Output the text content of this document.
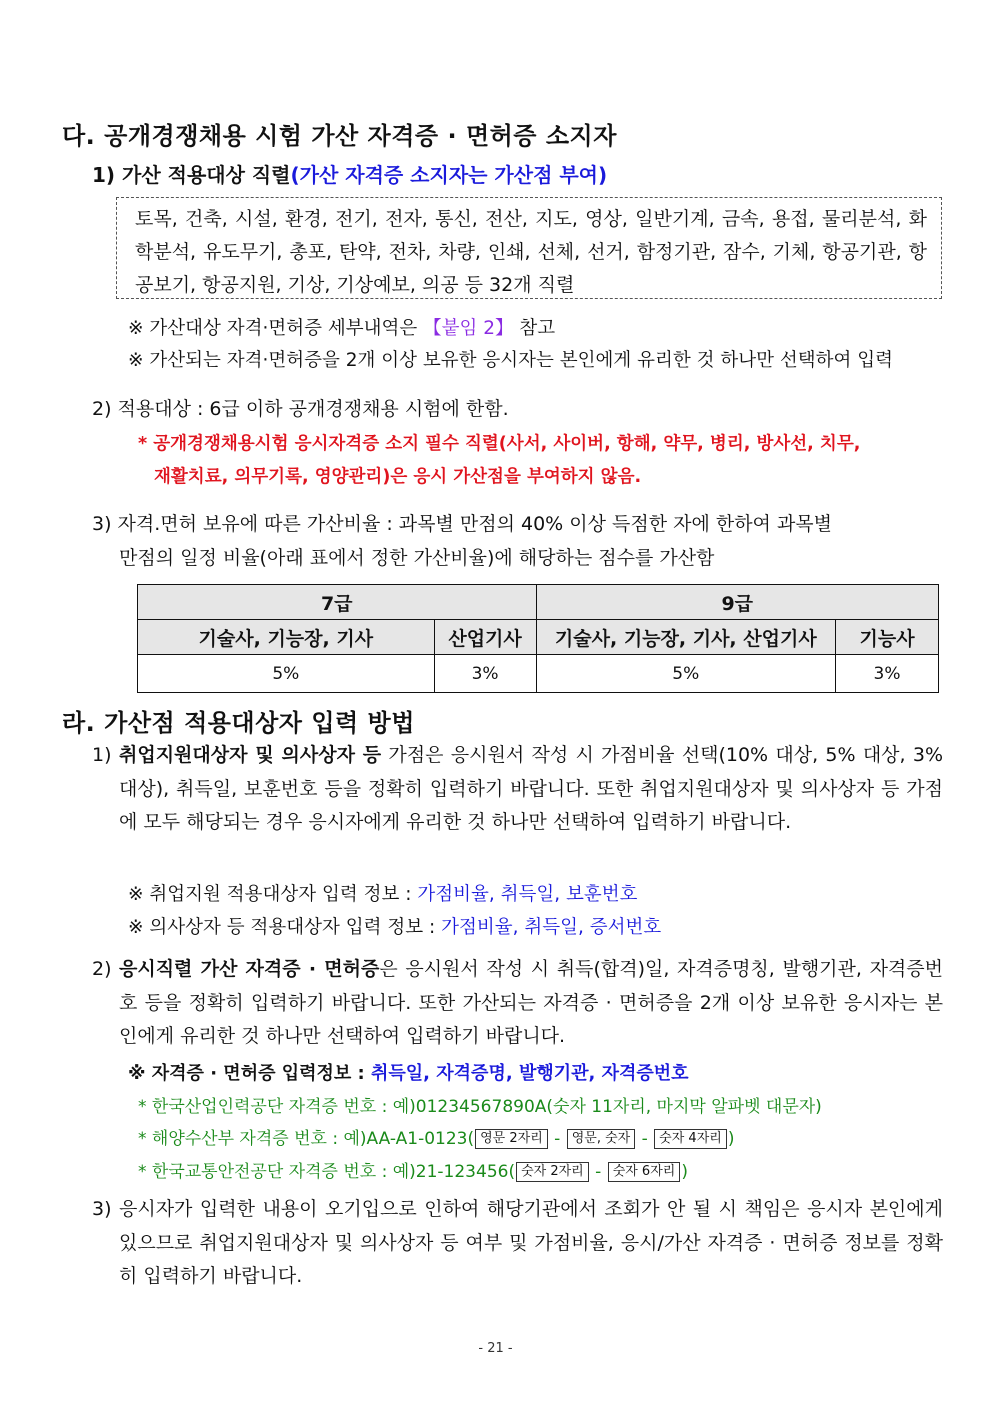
다. 공개경쟁채용 시험 가산 자격증 · 면허증 소지자
1) 가산 적용대상 직렬(가산 자격증 소지자는 가산점 부여)
토목, 건축, 시설, 환경, 전기, 전자, 통신, 전산, 지도, 영상, 일반기계, 금속, 용접, 물리분석, 화학분석, 유도무기, 총포, 탄약, 전차, 차량, 인쇄, 선체, 선거, 함정기관, 잠수, 기체, 항공기관, 항공보기, 항공지원, 기상, 기상예보, 의공 등 32개 직렬
※ 가산대상 자격·면허증 세부내역은 【붙임 2】 참고
※ 가산되는 자격·면허증을 2개 이상 보유한 응시자는 본인에게 유리한 것 하나만 선택하여 입력
2) 적용대상 : 6급 이하 공개경쟁채용 시험에 한함.
* 공개경쟁채용시험 응시자격증 소지 필수 직렬(사서, 사이버, 항해, 약무, 병리, 방사선, 치무,
재활치료, 의무기록, 영양관리)은 응시 가산점을 부여하지 않음.
3) 자격.면허 보유에 따른 가산비율 : 과목별 만점의 40% 이상 득점한 자에 한하여 과목별
만점의 일정 비율(아래 표에서 정한 가산비율)에 해당하는 점수를 가산함
7급		9급	
기술사, 기능장, 기사	산업기사	기술사, 기능장, 기사, 산업기사	기능사
5%	3%	5%	3%
라. 가산점 적용대상자 입력 방법
1) 취업지원대상자 및 의사상자 등 가점은 응시원서 작성 시 가점비율 선택(10% 대상, 5% 대상, 3% 대상), 취득일, 보훈번호 등을 정확히 입력하기 바랍니다. 또한 취업지원대상자 및 의사상자 등 가점에 모두 해당되는 경우 응시자에게 유리한 것 하나만 선택하여 입력하기 바랍니다.
※ 취업지원 적용대상자 입력 정보 : 가점비율, 취득일, 보훈번호
※ 의사상자 등 적용대상자 입력 정보 : 가점비율, 취득일, 증서번호
2) 응시직렬 가산 자격증 · 면허증은 응시원서 작성 시 취득(합격)일, 자격증명칭, 발행기관, 자격증번호 등을 정확히 입력하기 바랍니다. 또한 가산되는 자격증 · 면허증을 2개 이상 보유한 응시자는 본인에게 유리한 것 하나만 선택하여 입력하기 바랍니다.
※ 자격증 · 면허증 입력정보 : 취득일, 자격증명, 발행기관, 자격증번호
* 한국산업인력공단 자격증 번호 : 예)01234567890A(숫자 11자리, 마지막 알파벳 대문자)
* 해양수산부 자격증 번호 : 예)AA-A1-0123( 영문 2자리 - 영문, 숫자 - 숫자 4자리 )
* 한국교통안전공단 자격증 번호 : 예)21-123456( 숫자 2자리 - 숫자 6자리 )
3) 응시자가 입력한 내용이 오기입으로 인하여 해당기관에서 조회가 안 될 시 책임은 응시자 본인에게 있으므로 취업지원대상자 및 의사상자 등 여부 및 가점비율, 응시/가산 자격증 · 면허증 정보를 정확히 입력하기 바랍니다.
- 21 -
